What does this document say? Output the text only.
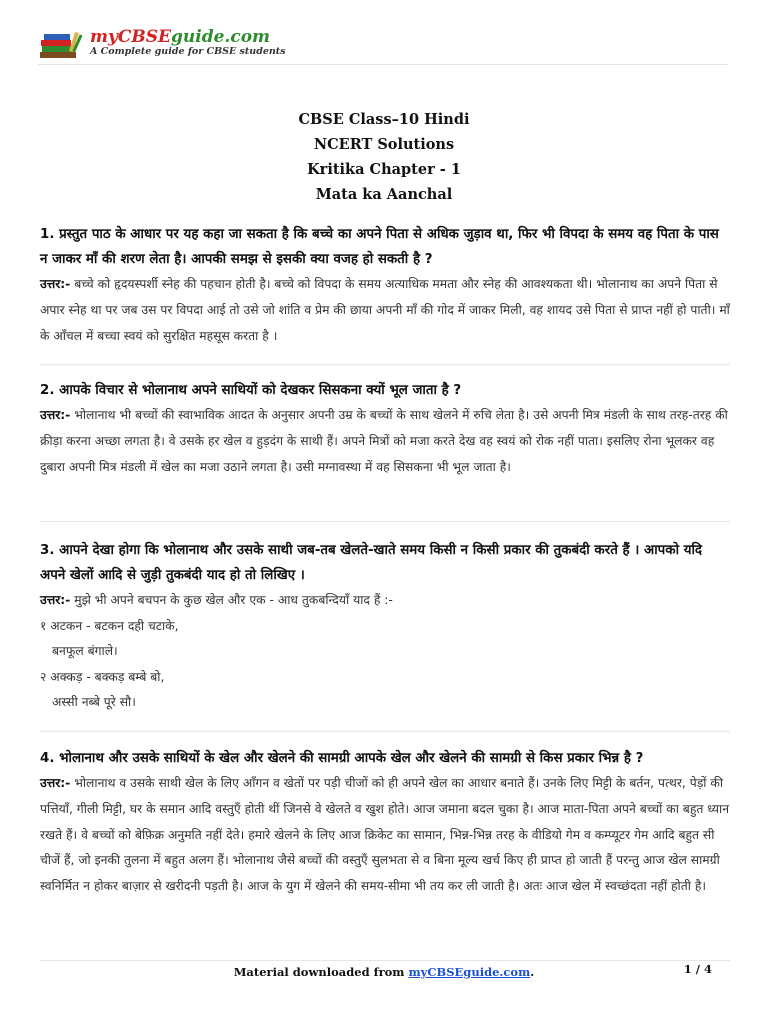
myCBSEguide.com
A Complete guide for CBSE students
CBSE Class–10 Hindi
NCERT Solutions
Kritika Chapter - 1
Mata ka Aanchal
1. प्रस्तुत पाठ के आधार पर यह कहा जा सकता है कि बच्चे का अपने पिता से अधिक जुड़ाव था, फिर भी विपदा के समय वह पिता के पास न जाकर माँ की शरण लेता है। आपकी समझ से इसकी क्या वजह हो सकती है ?
उत्तर:- बच्चे को हृदयस्पर्शी स्नेह की पहचान होती है। बच्चे को विपदा के समय अत्याधिक ममता और स्नेह की आवश्यकता थी। भोलानाथ का अपने पिता से अपार स्नेह था पर जब उस पर विपदा आई तो उसे जो शांति व प्रेम की छाया अपनी माँ की गोद में जाकर मिली, वह शायद उसे पिता से प्राप्त नहीं हो पाती। माँ के आँचल में बच्चा स्वयं को सुरक्षित महसूस करता है ।
2. आपके विचार से भोलानाथ अपने साथियों को देखकर सिसकना क्यों भूल जाता है ?
उत्तर:- भोलानाथ भी बच्चों की स्वाभाविक आदत के अनुसार अपनी उम्र के बच्चों के साथ खेलने में रुचि लेता है। उसे अपनी मित्र मंडली के साथ तरह-तरह की क्रीड़ा करना अच्छा लगता है। वे उसके हर खेल व हुड़दंग के साथी हैं। अपने मित्रों को मजा करते देख वह स्वयं को रोक नहीं पाता। इसलिए रोना भूलकर वह दुबारा अपनी मित्र मंडली में खेल का मजा उठाने लगता है। उसी मग्नावस्था में वह सिसकना भी भूल जाता है।
3. आपने देखा होगा कि भोलानाथ और उसके साथी जब-तब खेलते-खाते समय किसी न किसी प्रकार की तुकबंदी करते हैं । आपको यदि अपने खेलों आदि से जुड़ी तुकबंदी याद हो तो लिखिए ।
उत्तर:- मुझे भी अपने बचपन के कुछ खेल और एक - आध तुकबन्दियाँ याद हैं :-
१ अटकन - बटकन दही चटाके,
बनफूल बंगाले।
२ अक्कड़ - बक्कड़ बम्बे बो,
अस्सी नब्बे पूरे सौ।
4. भोलानाथ और उसके साथियों के खेल और खेलने की सामग्री आपके खेल और खेलने की सामग्री से किस प्रकार भिन्न है ?
उत्तर:- भोलानाथ व उसके साथी खेल के लिए आँगन व खेतों पर पड़ी चीजों को ही अपने खेल का आधार बनाते हैं। उनके लिए मिट्टी के बर्तन, पत्थर, पेड़ों की पत्तियाँ, गीली मिट्टी, घर के समान आदि वस्तुएँ होती थीं जिनसे वे खेलते व खुश होते। आज जमाना बदल चुका है। आज माता-पिता अपने बच्चों का बहुत ध्यान रखते हैं। वे बच्चों को बेफ़िक्र अनुमति नहीं देते। हमारे खेलने के लिए आज क्रिकेट का सामान, भिन्न-भिन्न तरह के वीडियो गेम व कम्प्यूटर गेम आदि बहुत सी चीजें हैं, जो इनकी तुलना में बहुत अलग हैं। भोलानाथ जैसे बच्चों की वस्तुएँ सुलभता से व बिना मूल्य खर्च किए ही प्राप्त हो जाती हैं परन्तु आज खेल सामग्री स्वनिर्मित न होकर बाज़ार से खरीदनी पड़ती है। आज के युग में खेलने की समय-सीमा भी तय कर ली जाती है। अतः आज खेल में स्वच्छंदता नहीं होती है।
Material downloaded from myCBSEguide.com.	1 / 4
